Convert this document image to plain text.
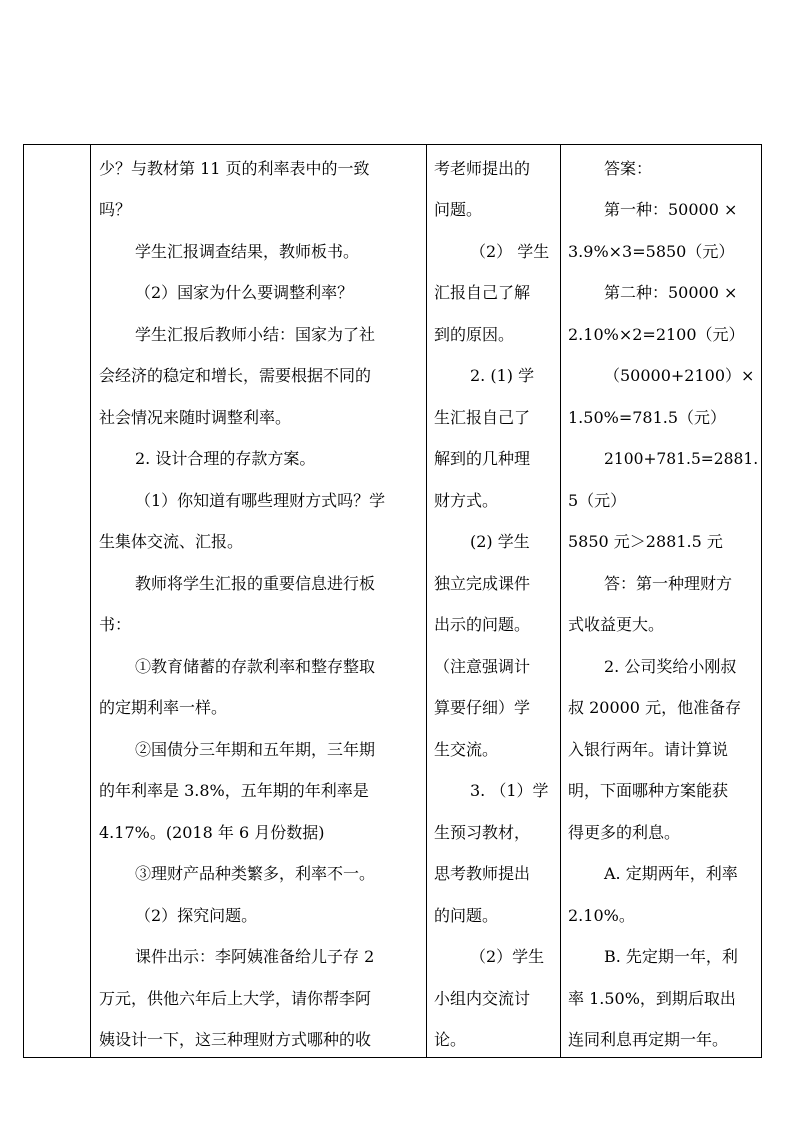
少？与教材第 11 页的利率表中的一致
吗？
学生汇报调查结果，教师板书。
（2）国家为什么要调整利率？
学生汇报后教师小结：国家为了社
会经济的稳定和增长，需要根据不同的
社会情况来随时调整利率。
2. 设计合理的存款方案。
（1）你知道有哪些理财方式吗？学
生集体交流、汇报。
教师将学生汇报的重要信息进行板
书：
①教育储蓄的存款利率和整存整取
的定期利率一样。
②国债分三年期和五年期，三年期
的年利率是 3.8%，五年期的年利率是
4.17%。(2018 年 6 月份数据)
③理财产品种类繁多，利率不一。
（2）探究问题。
课件出示：李阿姨准备给儿子存 2
万元，供他六年后上大学，请你帮李阿
姨设计一下，这三种理财方式哪种的收
考老师提出的
问题。
（2） 学生
汇报自己了解
到的原因。
2. (1) 学
生汇报自己了
解到的几种理
财方式。
(2) 学生
独立完成课件
出示的问题。
（注意强调计
算要仔细）学
生交流。
3. （1）学
生预习教材，
思考教师提出
的问题。
（2）学生
小组内交流讨
论。
答案：
第一种：50000 ×
3.9%×3=5850（元）
第二种：50000 ×
2.10%×2=2100（元）
（50000+2100）×
1.50%=781.5（元）
2100+781.5=2881.
5（元）
5850 元＞2881.5 元
答：第一种理财方
式收益更大。
2. 公司奖给小刚叔
叔 20000 元，他准备存
入银行两年。请计算说
明，下面哪种方案能获
得更多的利息。
A. 定期两年，利率
2.10%。
B. 先定期一年，利
率 1.50%，到期后取出
连同利息再定期一年。
